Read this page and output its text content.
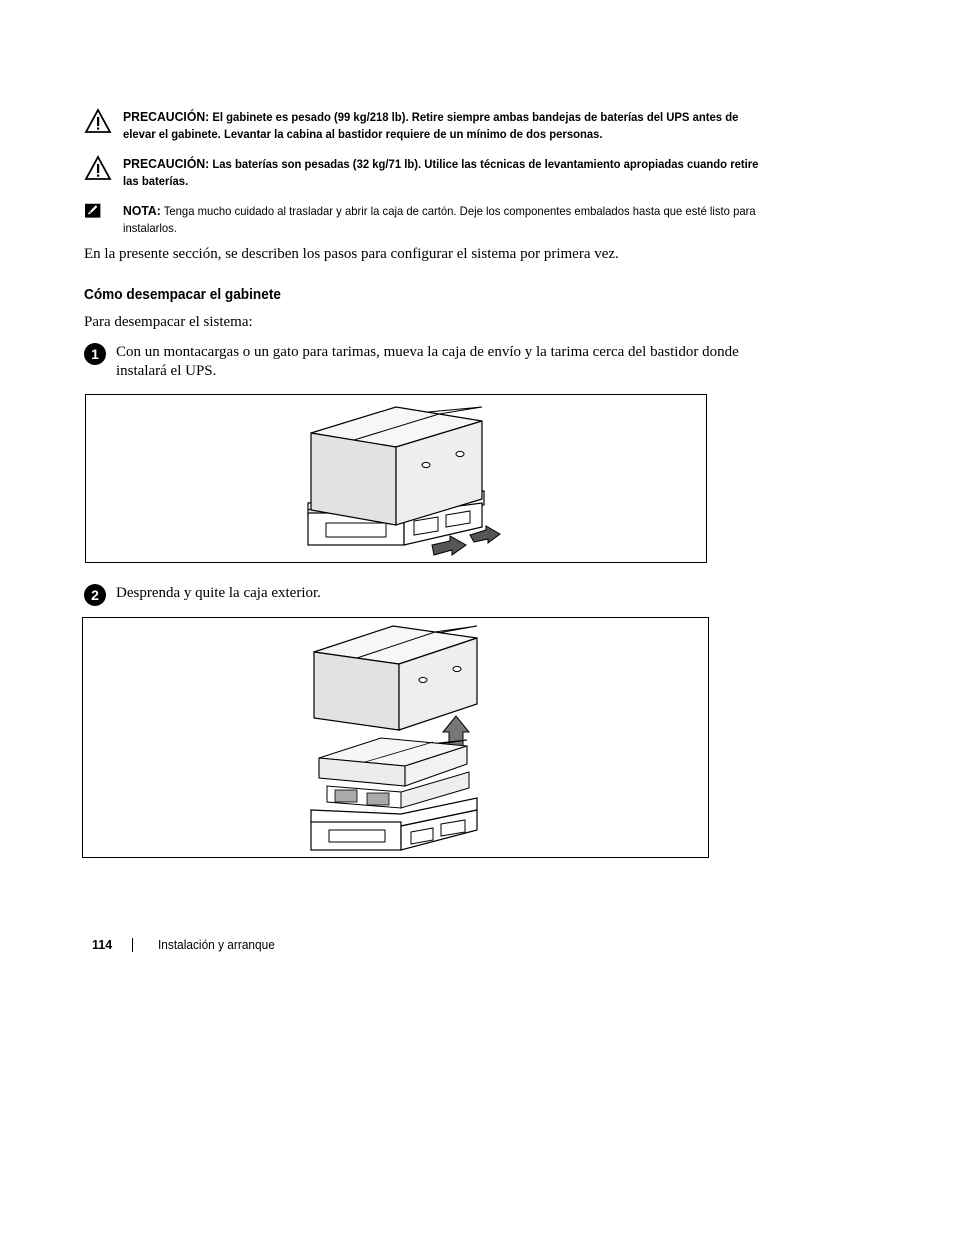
PRECAUCIÓN: El gabinete es pesado (99 kg/218 lb). Retire siempre ambas bandejas de baterías del UPS antes de elevar el gabinete. Levantar la cabina al bastidor requiere de un mínimo de dos personas.
PRECAUCIÓN: Las baterías son pesadas (32 kg/71 lb). Utilice las técnicas de levantamiento apropiadas cuando retire las baterías.
NOTA: Tenga mucho cuidado al trasladar y abrir la caja de cartón. Deje los componentes embalados hasta que esté listo para instalarlos.
En la presente sección, se describen los pasos para configurar el sistema por primera vez.
Cómo desempacar el gabinete
Para desempacar el sistema:
1	Con un montacargas o un gato para tarimas, mueva la caja de envío y la tarima cerca del bastidor donde instalará el UPS.
2	Desprenda y quite la caja exterior.
114	Instalación y arranque
